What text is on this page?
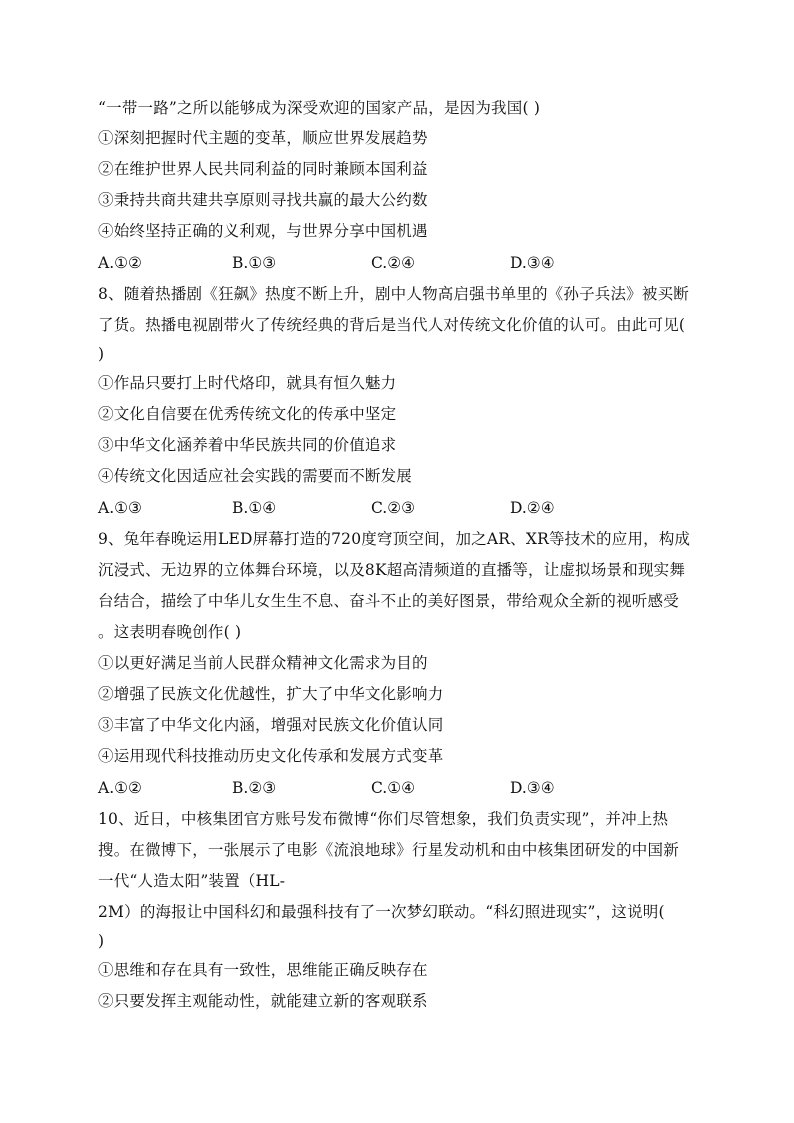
“一带一路”之所以能够成为深受欢迎的国家产品，是因为我国( )
①深刻把握时代主题的变革，顺应世界发展趋势
②在维护世界人民共同利益的同时兼顾本国利益
③秉持共商共建共享原则寻找共赢的最大公约数
④始终坚持正确的义利观，与世界分享中国机遇
A.①②	B.①③	C.②④	D.③④
8、随着热播剧《狂飙》热度不断上升，剧中人物高启强书单里的《孙子兵法》被买断
了货。热播电视剧带火了传统经典的背后是当代人对传统文化价值的认可。由此可见(
)
①作品只要打上时代烙印，就具有恒久魅力
②文化自信要在优秀传统文化的传承中坚定
③中华文化涵养着中华民族共同的价值追求
④传统文化因适应社会实践的需要而不断发展
A.①③	B.①④	C.②③	D.②④
9、兔年春晚运用LED屏幕打造的720度穹顶空间，加之AR、XR等技术的应用，构成
沉浸式、无边界的立体舞台环境，以及8K超高清频道的直播等，让虚拟场景和现实舞
台结合，描绘了中华儿女生生不息、奋斗不止的美好图景，带给观众全新的视听感受
。这表明春晚创作( )
①以更好满足当前人民群众精神文化需求为目的
②增强了民族文化优越性，扩大了中华文化影响力
③丰富了中华文化内涵，增强对民族文化价值认同
④运用现代科技推动历史文化传承和发展方式变革
A.①②	B.②③	C.①④	D.③④
10、近日，中核集团官方账号发布微博“你们尽管想象，我们负责实现”，并冲上热
搜。在微博下，一张展示了电影《流浪地球》行星发动机和由中核集团研发的中国新
一代“人造太阳”装置（HL-
2M）的海报让中国科幻和最强科技有了一次梦幻联动。“科幻照进现实”，这说明(
)
①思维和存在具有一致性，思维能正确反映存在
②只要发挥主观能动性，就能建立新的客观联系
